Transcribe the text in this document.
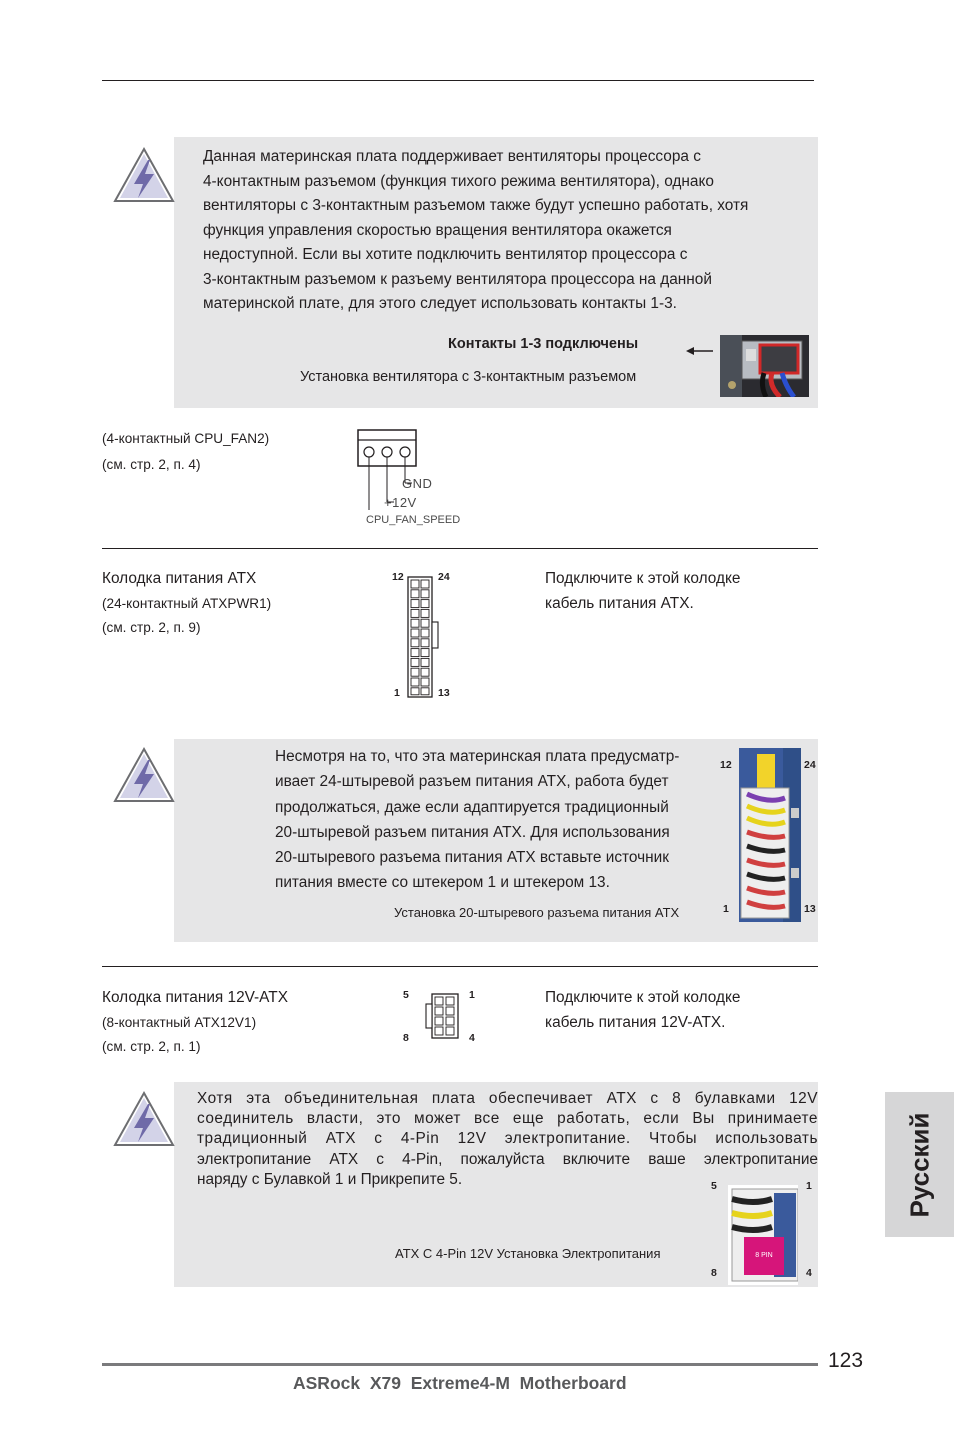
Данная материнская плата поддерживает вентиляторы процессора с
4-контактным разъемом (функция тихого режима вентилятора), однако
вентиляторы с 3-контактным разъемом также будут успешно работать, хотя
функция управления скоростью вращения вентилятора окажется
недоступной. Если вы хотите подключить вентилятор процессора с
3-контактным разъемом к разъему вентилятора процессора на данной
материнской плате, для этого следует использовать контакты 1-3.
Контакты 1-3 подключены
Установка вентилятора с 3-контактным разъемом
(4-контактный CPU_FAN2)
(см. стр. 2, п. 4)
GND
+12V
CPU_FAN_SPEED
Колодка питания ATX
(24-контактный ATXPWR1)
(см. стр. 2, п. 9)
12	24
1	13
Подключите к этой колодке
кабель питания ATX.
Несмотря на то, что эта материнская плата предусматр-
ивает 24-штыревой разъем питания ATX, работа будет
продолжаться, даже если адаптируется традиционный
20-штыревой разъем питания ATX. Для использования
20-штыревого разъема питания ATX вставьте источник
питания вместе со штекером 1 и штекером 13.
Установка 20-штыревого разъема питания ATX
12	24
1	13
Колодка питания 12V-ATX
(8-контактный ATX12V1)
(см. стр. 2, п. 1)
5	1
8	4
Подключите к этой колодке
кабель питания 12V-ATX.
Хотя эта объединительная плата обеспечивает ATX с 8 булавками 12V
соединитель власти, это может все еще работать, если Вы принимаете
традиционный ATX с 4-Pin 12V электропитание. Чтобы использовать
электропитание ATX с 4-Pin, пожалуйста включите ваше электропитание
наряду с Булавкой 1 и Прикрепите 5.
ATX С 4-Pin 12V Установка Электропитания
5	1
8	4
8 PIN
Русский
123
ASRock  X79  Extreme4-M  Motherboard
